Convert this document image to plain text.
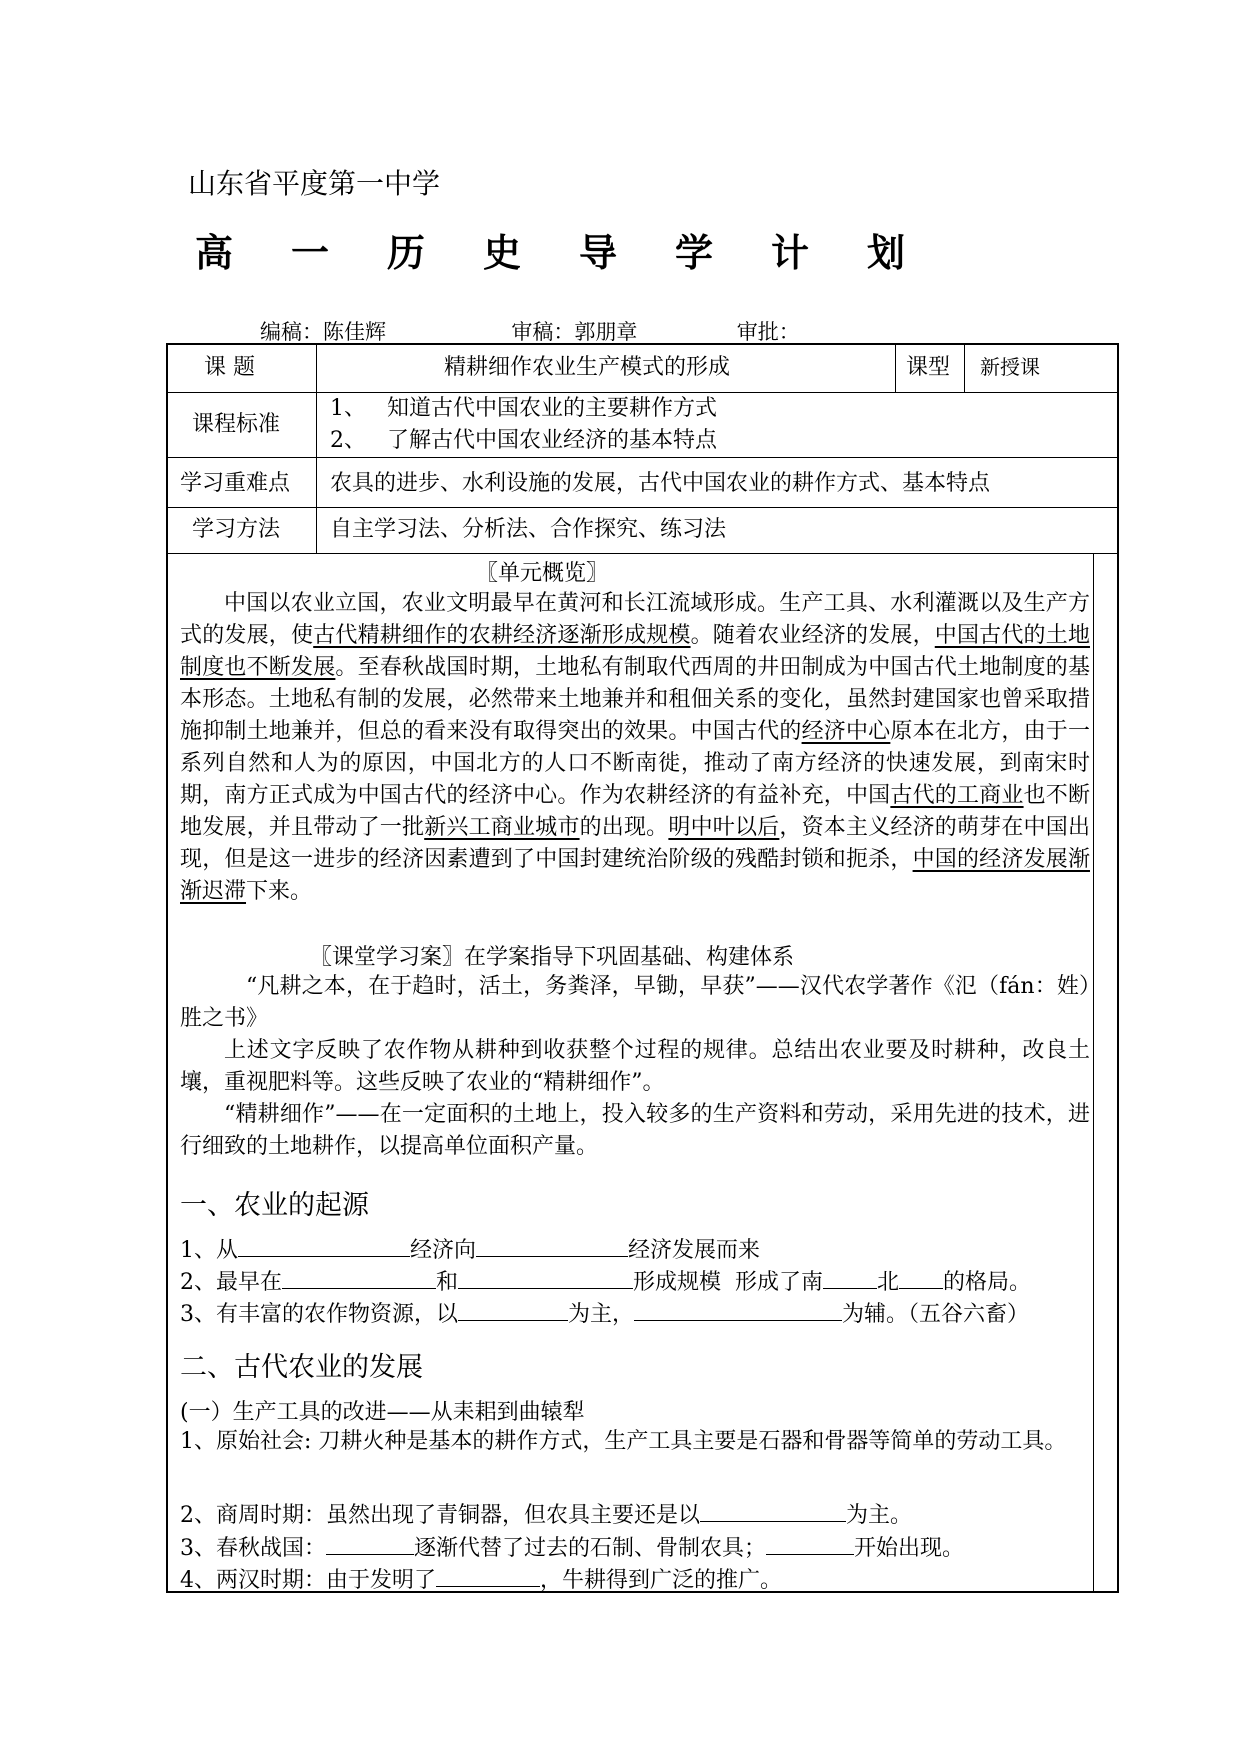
山东省平度第一中学
高一历史导学计划
编稿：陈佳辉	审稿：郭朋章	审批：
课 题	精耕细作农业生产模式的形成	课型 新授课
课程标准
1、   知道古代中国农业的主要耕作方式
2、   了解古代中国农业经济的基本特点
学习重难点 农具的进步、水利设施的发展，古代中国农业的耕作方式、基本特点
学习方法 自主学习法、分析法、合作探究、练习法
〖单元概览〗
中国以农业立国，农业文明最早在黄河和长江流域形成。生产工具、水利灌溉以及生产方式的发展，使古代精耕细作的农耕经济逐渐形成规模。随着农业经济的发展，中国古代的土地制度也不断发展。至春秋战国时期，土地私有制取代西周的井田制成为中国古代土地制度的基本形态。土地私有制的发展，必然带来土地兼并和租佃关系的变化，虽然封建国家也曾采取措施抑制土地兼并，但总的看来没有取得突出的效果。中国古代的经济中心原本在北方，由于一系列自然和人为的原因，中国北方的人口不断南徙，推动了南方经济的快速发展，到南宋时期，南方正式成为中国古代的经济中心。作为农耕经济的有益补充，中国古代的工商业也不断地发展，并且带动了一批新兴工商业城市的出现。明中叶以后，资本主义经济的萌芽在中国出现，但是这一进步的经济因素遭到了中国封建统治阶级的残酷封锁和扼杀，中国的经济发展渐渐迟滞下来。
〖课堂学习案〗在学案指导下巩固基础、构建体系
“凡耕之本，在于趋时，活土，务粪泽，早锄，早获”——汉代农学著作《氾（fán：姓）胜之书》
上述文字反映了农作物从耕种到收获整个过程的规律。总结出农业要及时耕种，改良土壤，重视肥料等。这些反映了农业的“精耕细作”。
“精耕细作”——在一定面积的土地上，投入较多的生产资料和劳动，采用先进的技术，进行细致的土地耕作，以提高单位面积产量。
一、农业的起源
1、从	经济向	经济发展而来
2、最早在	和	形成规模  形成了南 北 的格局。
3、有丰富的农作物资源，以	为主，	为辅。（五谷六畜）
二、古代农业的发展
(一）生产工具的改进——从耒耜到曲辕犁
1、原始社会: 刀耕火种是基本的耕作方式，生产工具主要是石器和骨器等简单的劳动工具。
2、商周时期：虽然出现了青铜器，但农具主要还是以	为主。
3、春秋战国：	逐渐代替了过去的石制、骨制农具；	开始出现。
4、两汉时期：由于发明了	，牛耕得到广泛的推广。
